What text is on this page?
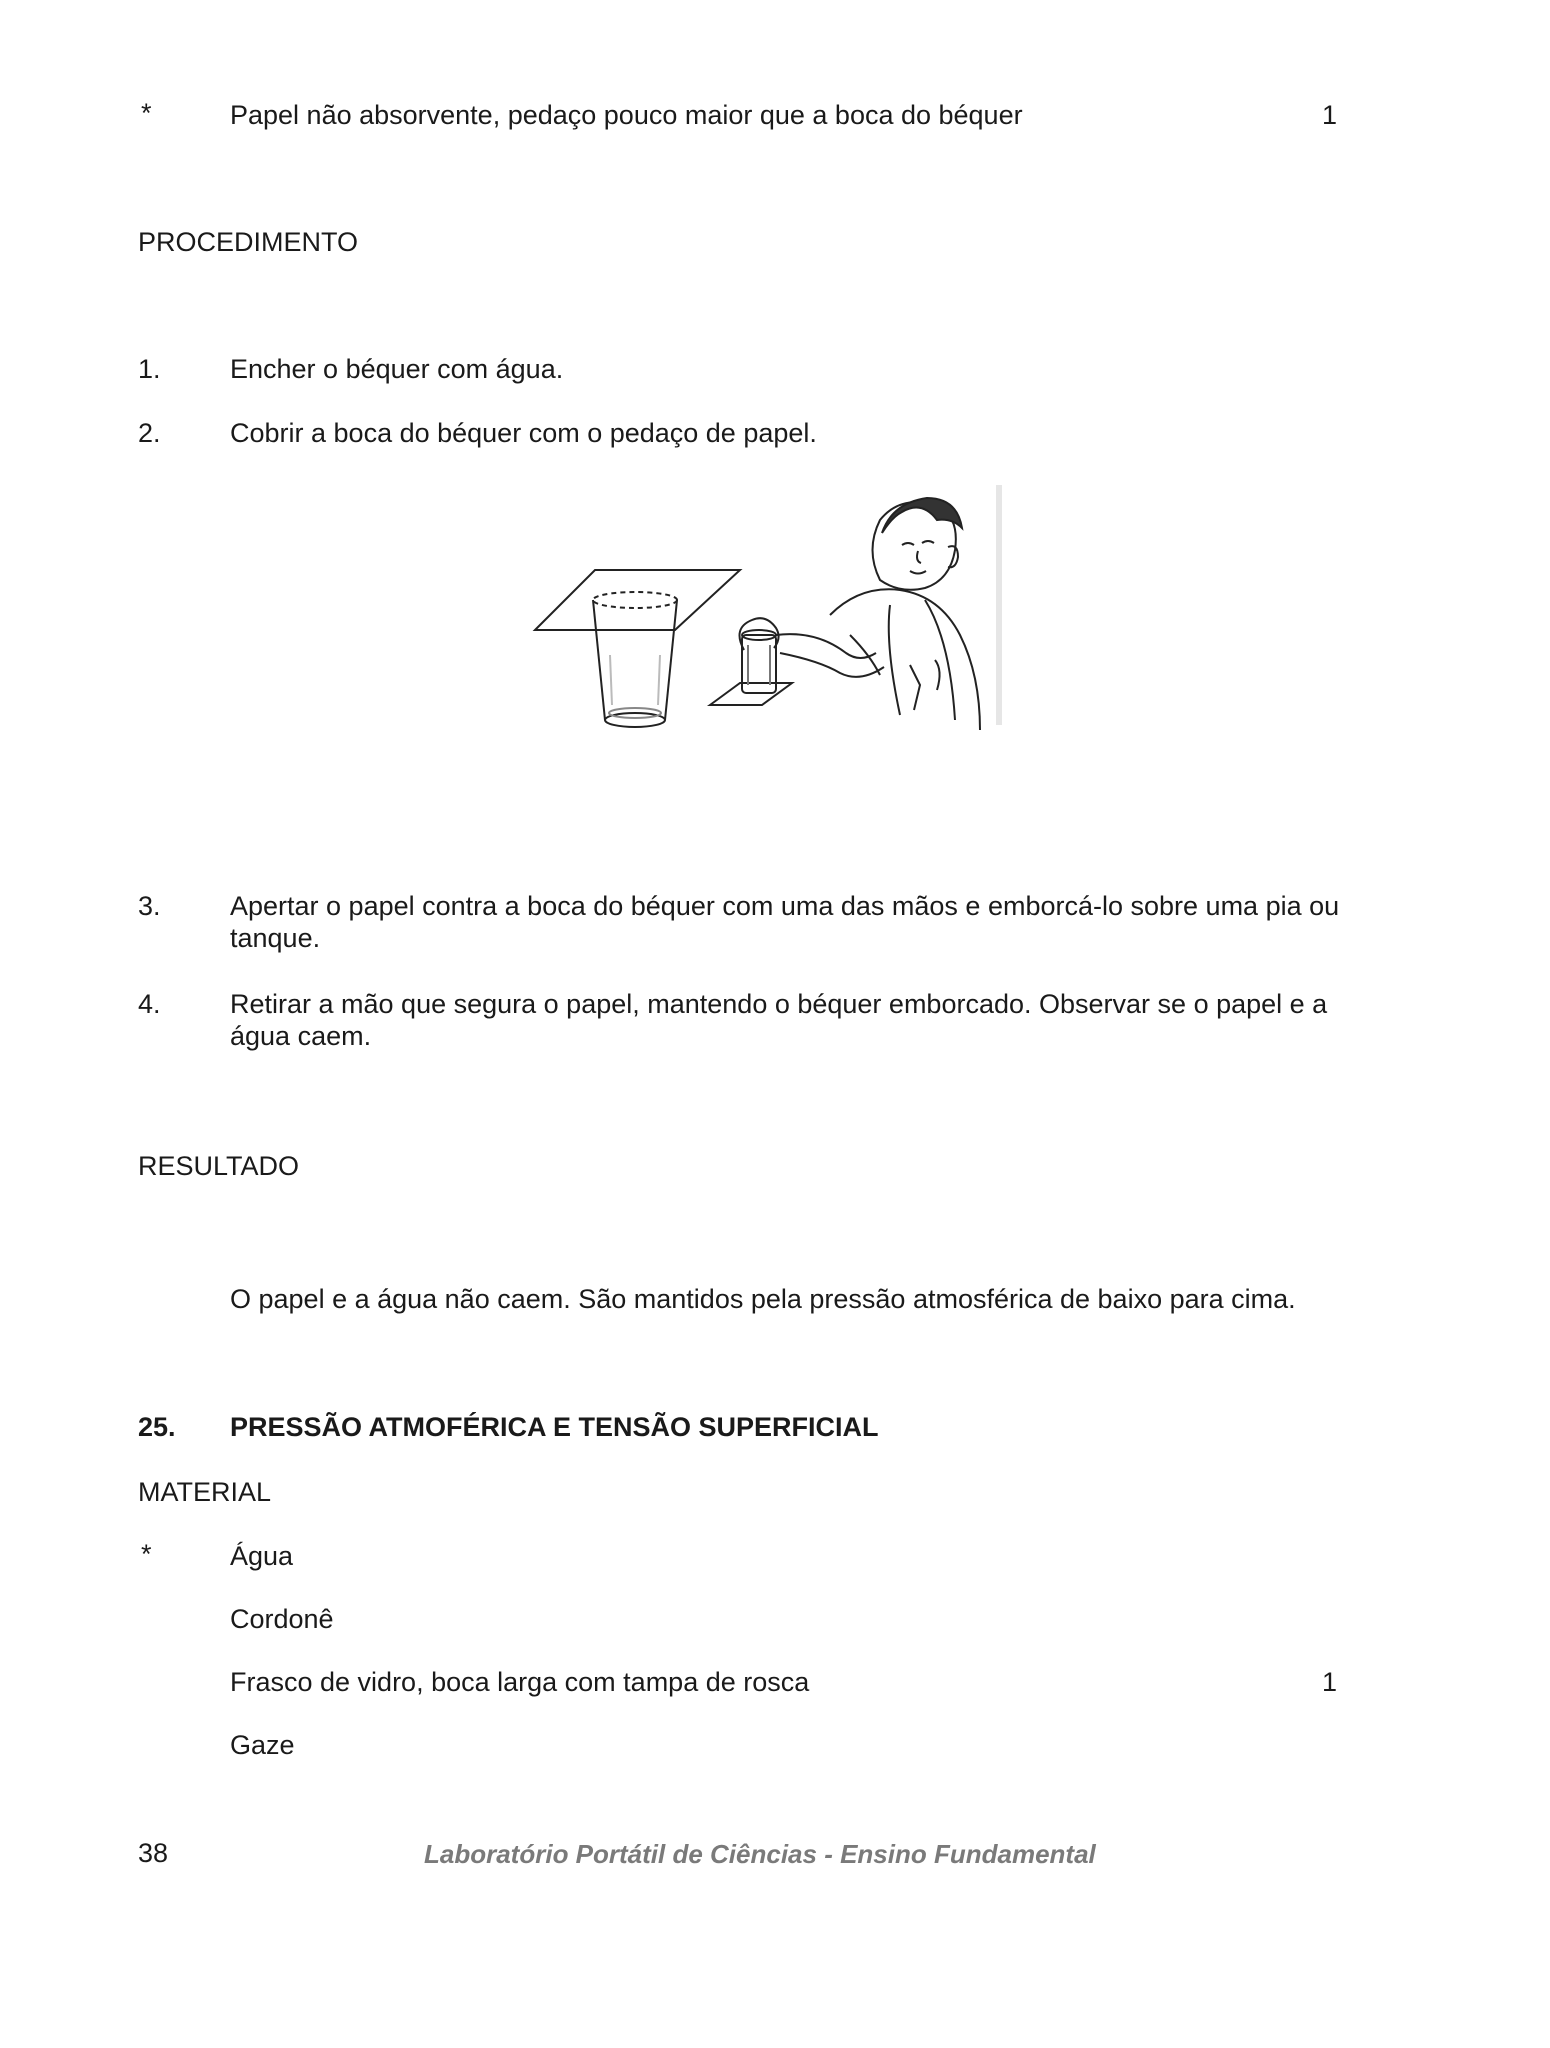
*	Papel não absorvente, pedaço pouco maior que a boca do béquer	1
PROCEDIMENTO
1.	Encher o béquer com água.
2.	Cobrir a boca do béquer com o pedaço de papel.
3.	Apertar o papel contra a boca do béquer com uma das mãos e emborcá-lo sobre uma pia ou tanque.
4.	Retirar a mão que segura o papel, mantendo o béquer emborcado. Observar se o papel e a água caem.
RESULTADO
O papel e a água não caem. São mantidos pela pressão atmosférica de baixo para cima.
25. PRESSÃO ATMOFÉRICA E TENSÃO SUPERFICIAL
MATERIAL
*	Água
Cordonê
Frasco de vidro, boca larga com tampa de rosca	1
Gaze
38	Laboratório Portátil de Ciências - Ensino Fundamental
